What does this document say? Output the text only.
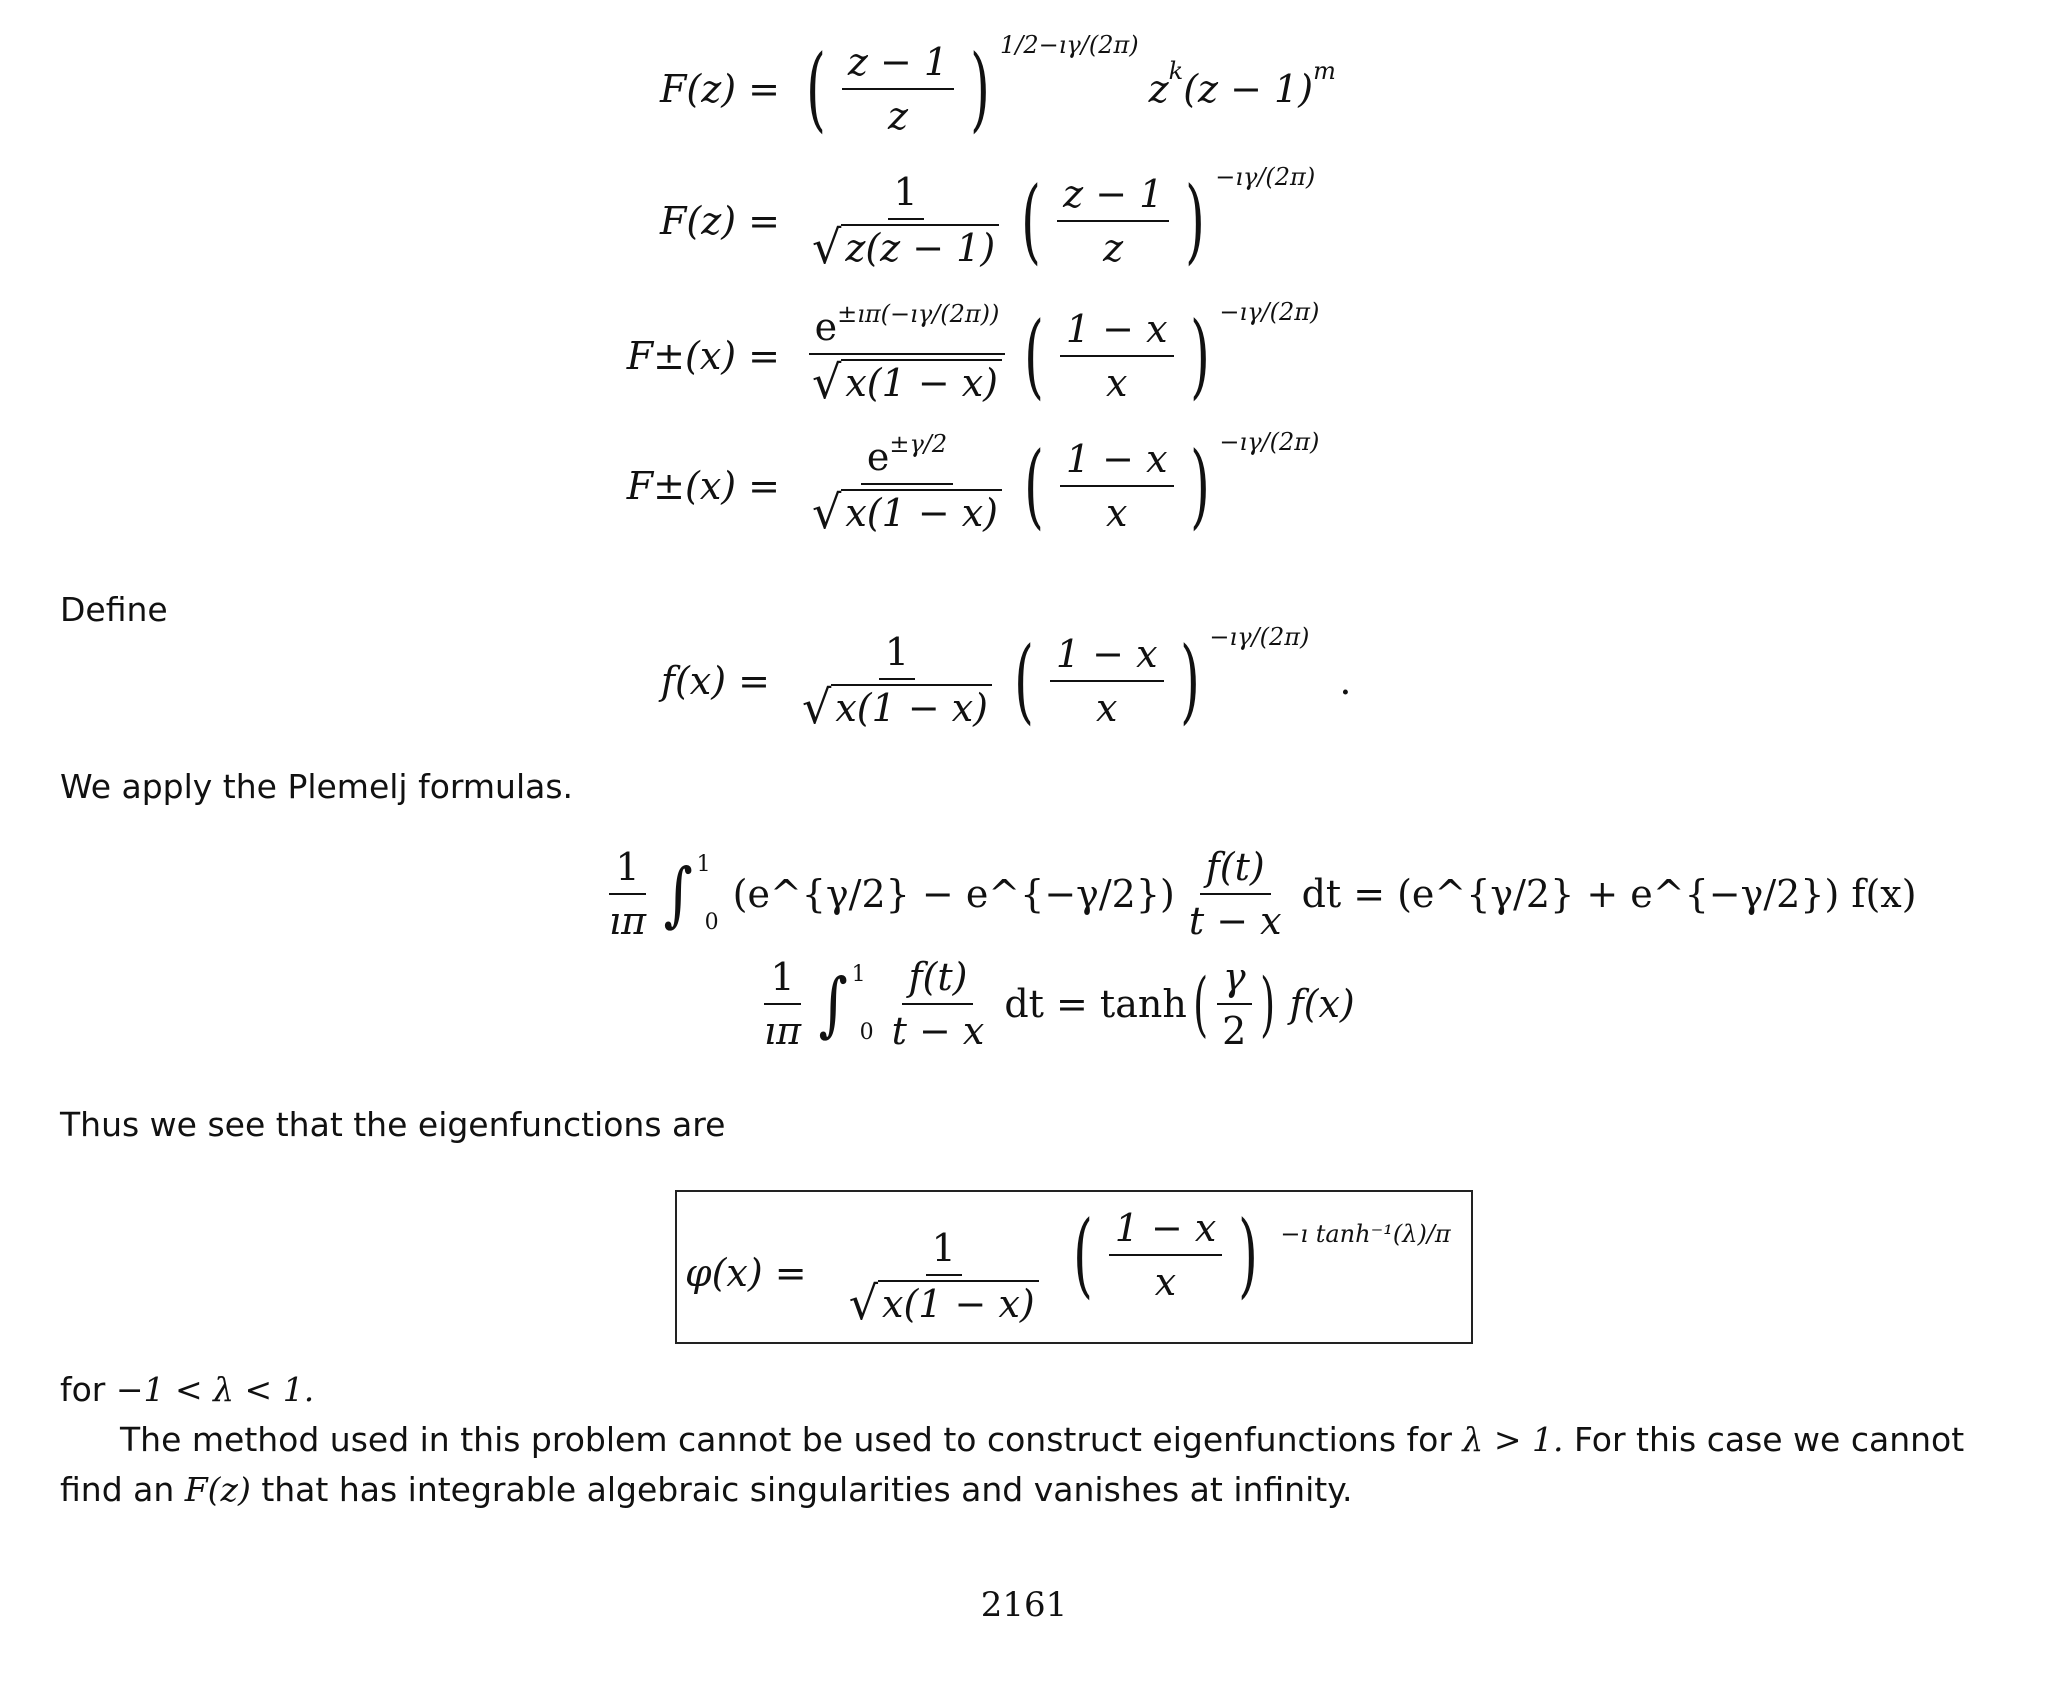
F(z) = ( $\frac{z - 1}{z}$ ) 1/2−ıγ/(2π)
z k (z − 1) m
$F(z) = \frac{1}{√ z(z - 1)}$ ( $\frac{z - 1}{z}$ ) −ıγ/(2π)
$F\pm(x) = \frac{e^{\pm ı\pi(-ı\gamma/(2\pi))}}{√ x(1 - x)}$ ( $\frac{1 - x}{x}$ ) −ıγ/(2π)
$F\pm(x) = \frac{e^{\pm\gamma/2}}{√ x(1 - x)}$ ( $\frac{1 - x}{x}$ ) −ıγ/(2π)
Define
$f(x) = \frac{1}{√ x(1 - x)}$ ( $\frac{1 - x}{x}$ ) −ıγ/(2π)
.
We apply the Plemelj formulas.
$\frac{1}{ı\pi}$ ∫ 1
0
(e^{γ/2} − e^{−γ/2}) $\frac{f(t)}{t - x}$ dt = (e^{γ/2} + e^{−γ/2}) f(x)
$\frac{1}{ı\pi}$ ∫ 1
$0 \frac{f(t)}{t - x}$ dt = tanh ( $\frac{\gamma}{2}$ ) f(x)
Thus we see that the eigenfunctions are
$\varphi(x) = \frac{1}{√ x(1 - x)}$
( $\frac{1 - x}{x}$ ) $^{-ı tanh^{-1}(\lambda)/\pi}$
for −1 < λ < 1.
The method used in this problem cannot be used to construct eigenfunctions for λ > 1. For this case we cannot
find an F(z) that has integrable algebraic singularities and vanishes at infinity.
2161
